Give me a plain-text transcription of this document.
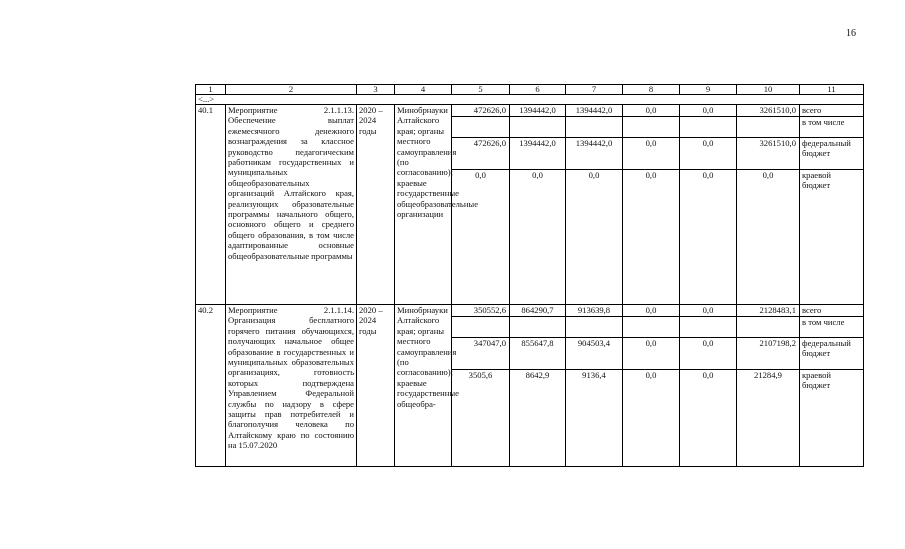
16
1	2	3	4	5	6	7	8	9	10	11
<...>										
40.1	Мероприятие 2.1.1.13. Обеспечение выплат ежемесячного денежного вознаграждения за классное руководство педагогическим работникам государственных и муниципальных общеобразовательных организаций Алтайского края, реализующих образовательные программы начального общего, основного общего и среднего общего образования, в том числе адаптированные основные общеобразовательные программы	2020 – 2024 годы	Минобрнауки Алтайского края; органы местного самоуправления (по согласованию); краевые государственные общеобразовательные организации	472626,0	1394442,0	1394442,0	0,0	0,0	3261510,0	всего
										в том числе
				472626,0	1394442,0	1394442,0	0,0	0,0	3261510,0	федеральный бюджет
				0,0	0,0	0,0	0,0	0,0	0,0	краевой бюджет
40.2	Мероприятие 2.1.1.14. Организация бесплатного горячего питания обучающихся, получающих начальное общее образование в государственных и муниципальных образовательных организациях, готовность которых подтверждена Управлением Федеральной службы по надзору в сфере защиты прав потребителей и благополучия человека по Алтайскому краю по состоянию на 15.07.2020	2020 – 2024 годы	Минобрнауки Алтайского края; органы местного самоуправления (по согласованию); краевые государственные общеобра-	350552,6	864290,7	913639,8	0,0	0,0	2128483,1	всего
										в том числе
				347047,0	855647,8	904503,4	0,0	0,0	2107198,2	федеральный бюджет
				3505,6	8642,9	9136,4	0,0	0,0	21284,9	краевой бюджет
